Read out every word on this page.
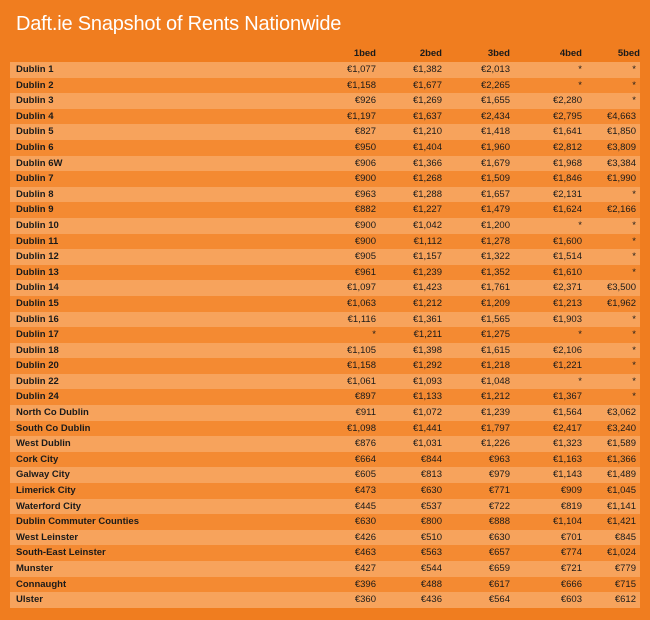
Daft.ie Snapshot of Rents Nationwide
	1bed	2bed	3bed	4bed	5bed
Dublin 1	€1,077	€1,382	€2,013	*	*
Dublin 2	€1,158	€1,677	€2,265	*	*
Dublin 3	€926	€1,269	€1,655	€2,280	*
Dublin 4	€1,197	€1,637	€2,434	€2,795	€4,663
Dublin 5	€827	€1,210	€1,418	€1,641	€1,850
Dublin 6	€950	€1,404	€1,960	€2,812	€3,809
Dublin 6W	€906	€1,366	€1,679	€1,968	€3,384
Dublin 7	€900	€1,268	€1,509	€1,846	€1,990
Dublin 8	€963	€1,288	€1,657	€2,131	*
Dublin 9	€882	€1,227	€1,479	€1,624	€2,166
Dublin 10	€900	€1,042	€1,200	*	*
Dublin 11	€900	€1,112	€1,278	€1,600	*
Dublin 12	€905	€1,157	€1,322	€1,514	*
Dublin 13	€961	€1,239	€1,352	€1,610	*
Dublin 14	€1,097	€1,423	€1,761	€2,371	€3,500
Dublin 15	€1,063	€1,212	€1,209	€1,213	€1,962
Dublin 16	€1,116	€1,361	€1,565	€1,903	*
Dublin 17	*	€1,211	€1,275	*	*
Dublin 18	€1,105	€1,398	€1,615	€2,106	*
Dublin 20	€1,158	€1,292	€1,218	€1,221	*
Dublin 22	€1,061	€1,093	€1,048	*	*
Dublin 24	€897	€1,133	€1,212	€1,367	*
North Co Dublin	€911	€1,072	€1,239	€1,564	€3,062
South Co Dublin	€1,098	€1,441	€1,797	€2,417	€3,240
West Dublin	€876	€1,031	€1,226	€1,323	€1,589
Cork City	€664	€844	€963	€1,163	€1,366
Galway City	€605	€813	€979	€1,143	€1,489
Limerick City	€473	€630	€771	€909	€1,045
Waterford City	€445	€537	€722	€819	€1,141
Dublin Commuter Counties	€630	€800	€888	€1,104	€1,421
West Leinster	€426	€510	€630	€701	€845
South-East Leinster	€463	€563	€657	€774	€1,024
Munster	€427	€544	€659	€721	€779
Connaught	€396	€488	€617	€666	€715
Ulster	€360	€436	€564	€603	€612
